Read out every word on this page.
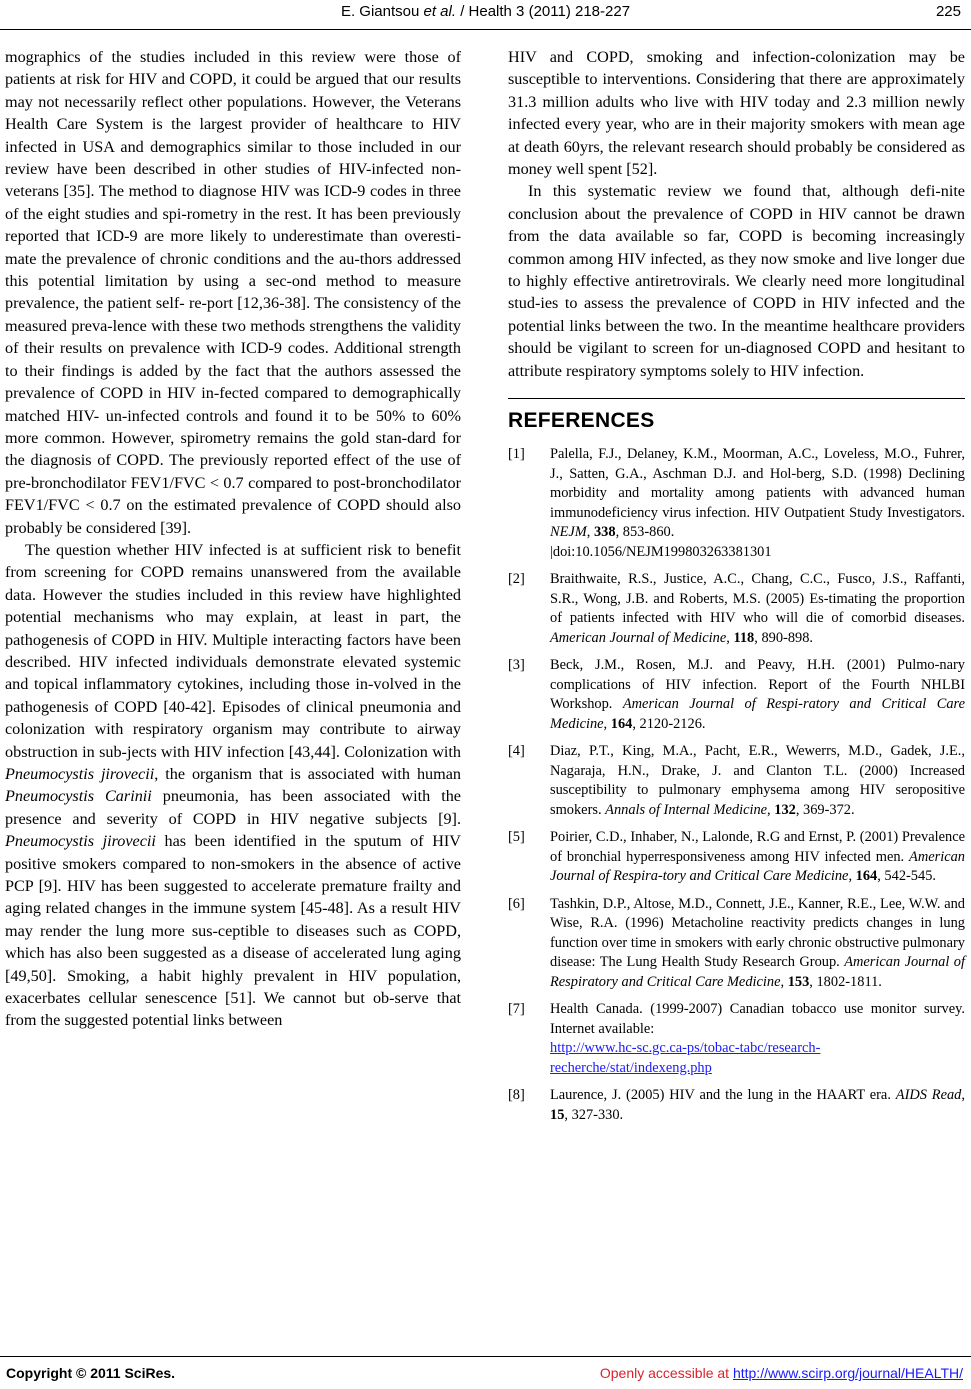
E. Giantsou et al. / Health 3 (2011) 218-227	225

mographics of the studies included in this review were those of patients at risk for HIV and COPD, it could be argued that our results may not necessarily reflect other populations. However, the Veterans Health Care System is the largest provider of healthcare to HIV infected in USA and demographics similar to those included in our review have been described in other studies of HIV-infected non-veterans [35]. The method to diagnose HIV was ICD-9 codes in three of the eight studies and spi-rometry in the rest. It has been previously reported that ICD-9 are more likely to underestimate than overesti-mate the prevalence of chronic conditions and the au-thors addressed this potential limitation by using a sec-ond method to measure prevalence, the patient self- re-port [12,36-38]. The consistency of the measured preva-lence with these two methods strengthens the validity of their results on prevalence with ICD-9 codes. Additional strength to their findings is added by the fact that the authors assessed the prevalence of COPD in HIV in-fected compared to demographically matched HIV- un-infected controls and found it to be 50% to 60% more common. However, spirometry remains the gold stan-dard for the diagnosis of COPD. The previously reported effect of the use of pre-bronchodilator FEV1/FVC < 0.7 compared to post-bronchodilator FEV1/FVC < 0.7 on the estimated prevalence of COPD should also probably be considered [39].

The question whether HIV infected is at sufficient risk to benefit from screening for COPD remains unanswered from the available data. However the studies included in this review have highlighted potential mechanisms who may explain, at least in part, the pathogenesis of COPD in HIV. Multiple interacting factors have been described. HIV infected individuals demonstrate elevated systemic and topical inflammatory cytokines, including those in-volved in the pathogenesis of COPD [40-42]. Episodes of clinical pneumonia and colonization with respiratory organism may contribute to airway obstruction in sub-jects with HIV infection [43,44]. Colonization with Pneumocystis jirovecii, the organism that is associated with human Pneumocystis Carinii pneumonia, has been associated with the presence and severity of COPD in HIV negative subjects [9]. Pneumocystis jirovecii has been identified in the sputum of HIV positive smokers compared to non-smokers in the absence of active PCP [9]. HIV has been suggested to accelerate premature frailty and aging related changes in the immune system [45-48]. As a result HIV may render the lung more sus-ceptible to diseases such as COPD, which has also been suggested as a disease of accelerated lung aging [49,50]. Smoking, a habit highly prevalent in HIV population, exacerbates cellular senescence [51]. We cannot but ob-serve that from the suggested potential links between

HIV and COPD, smoking and infection-colonization may be susceptible to interventions. Considering that there are approximately 31.3 million adults who live with HIV today and 2.3 million newly infected every year, who are in their majority smokers with mean age at death 60yrs, the relevant research should probably be considered as money well spent [52].

In this systematic review we found that, although defi-nite conclusion about the prevalence of COPD in HIV cannot be drawn from the data available so far, COPD is becoming increasingly common among HIV infected, as they now smoke and live longer due to highly effective antiretrovirals. We clearly need more longitudinal stud-ies to assess the prevalence of COPD in HIV infected and the potential links between the two. In the meantime healthcare providers should be vigilant to screen for un-diagnosed COPD and hesitant to attribute respiratory symptoms solely to HIV infection.

REFERENCES
[1]	Palella, F.J., Delaney, K.M., Moorman, A.C., Loveless, M.O., Fuhrer, J., Satten, G.A., Aschman D.J. and Hol-berg, S.D. (1998) Declining morbidity and mortality among patients with advanced human immunodeficiency virus infection. HIV Outpatient Study Investigators. NEJM, 338, 853-860.
|doi:10.1056/NEJM199803263381301
[2]	Braithwaite, R.S., Justice, A.C., Chang, C.C., Fusco, J.S., Raffanti, S.R., Wong, J.B. and Roberts, M.S. (2005) Es-timating the proportion of patients infected with HIV who will die of comorbid diseases. American Journal of Medicine, 118, 890-898.
[3]	Beck, J.M., Rosen, M.J. and Peavy, H.H. (2001) Pulmo-nary complications of HIV infection. Report of the Fourth NHLBI Workshop. American Journal of Respi-ratory and Critical Care Medicine, 164, 2120-2126.
[4]	Diaz, P.T., King, M.A., Pacht, E.R., Wewerrs, M.D., Gadek, J.E., Nagaraja, H.N., Drake, J. and Clanton T.L. (2000) Increased susceptibility to pulmonary emphysema among HIV seropositive smokers. Annals of Internal Medicine, 132, 369-372.
[5]	Poirier, C.D., Inhaber, N., Lalonde, R.G and Ernst, P. (2001) Prevalence of bronchial hyperresponsiveness among HIV infected men. American Journal of Respira-tory and Critical Care Medicine, 164, 542-545.
[6]	Tashkin, D.P., Altose, M.D., Connett, J.E., Kanner, R.E., Lee, W.W. and Wise, R.A. (1996) Metacholine reactivity predicts changes in lung function over time in smokers with early chronic obstructive pulmonary disease: The Lung Health Study Research Group. American Journal of Respiratory and Critical Care Medicine, 153, 1802-1811.
[7]	Health Canada. (1999-2007) Canadian tobacco use monitor survey. Internet available:
http://www.hc-sc.gc.ca-ps/tobac-tabc/research-recherche/stat/indexeng.php
[8]	Laurence, J. (2005) HIV and the lung in the HAART era. AIDS Read, 15, 327-330.
Copyright © 2011 SciRes.	Openly accessible at http://www.scirp.org/journal/HEALTH/
